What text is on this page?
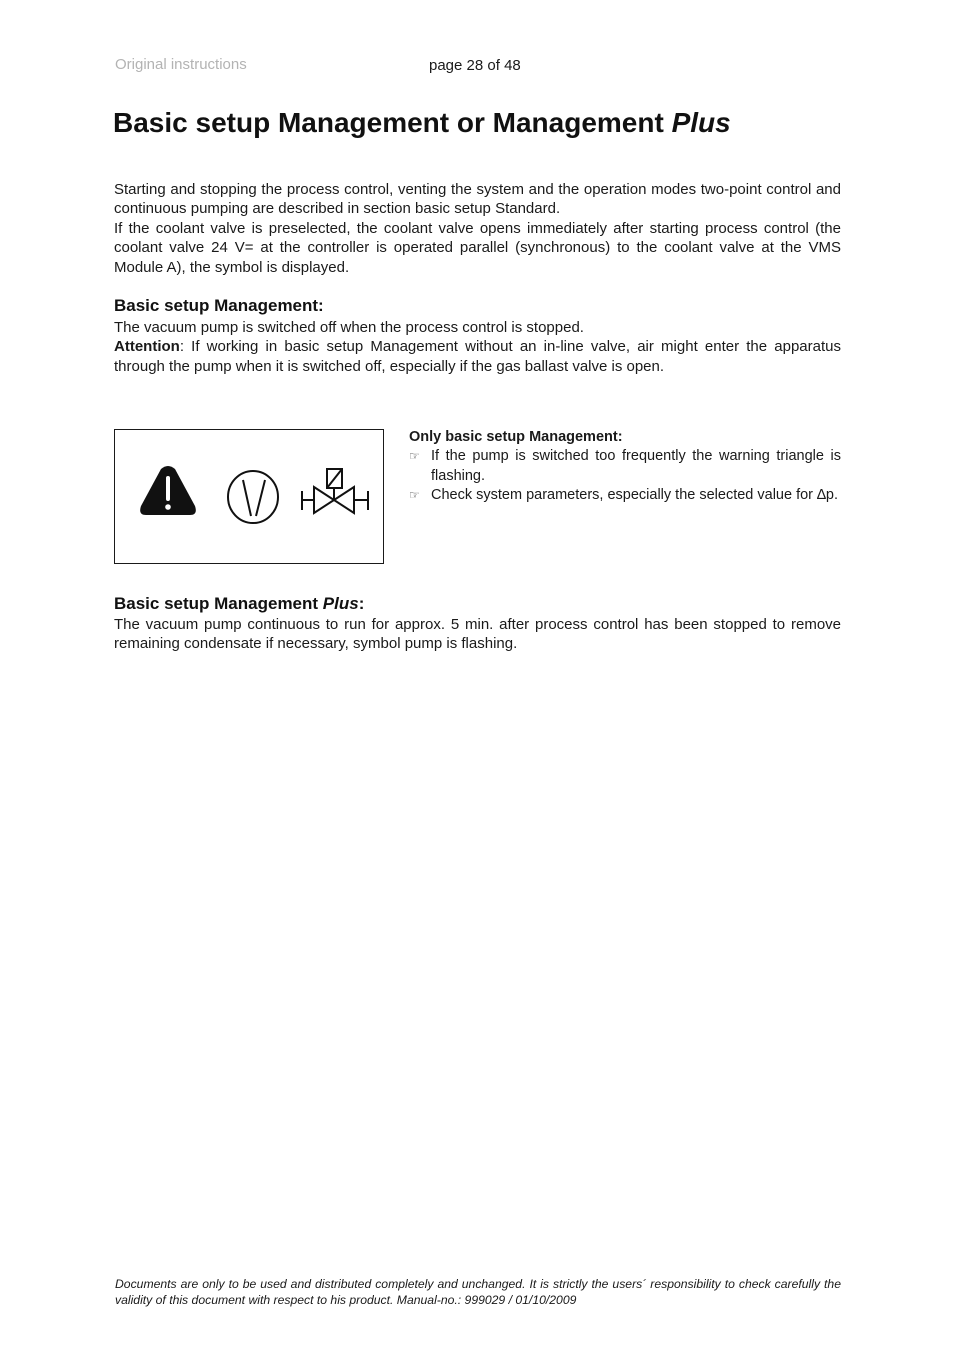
Original instructions	page 28 of 48
Basic setup Management or Management Plus
Starting and stopping the process control, venting the system and the operation modes two-point control and continuous pumping are described in section basic setup Standard.
If the coolant valve is preselected, the coolant valve opens immediately after starting process control (the coolant valve 24 V= at the controller is operated parallel (synchronous) to the coolant valve at the VMS Module A), the symbol is displayed.
Basic setup Management:
The vacuum pump is switched off when the process control is stopped.
Attention: If working in basic setup Management without an in-line valve, air might enter the apparatus through the pump when it is switched off, especially if the gas ballast valve is open.

Only basic setup Management:

☞ If the pump is switched too frequently the warning triangle is flashing.

☞ Check system parameters, especially the selected value for ∆p.

Basic setup Management Plus:
The vacuum pump continuous to run for approx. 5 min. after process control has been stopped to remove remaining condensate if necessary, symbol pump is flashing.

Documents are only to be used and distributed completely and unchanged. It is strictly the users´ responsibility to check carefully the validity of this document with respect to his product. Manual-no.: 999029 / 01/10/2009
